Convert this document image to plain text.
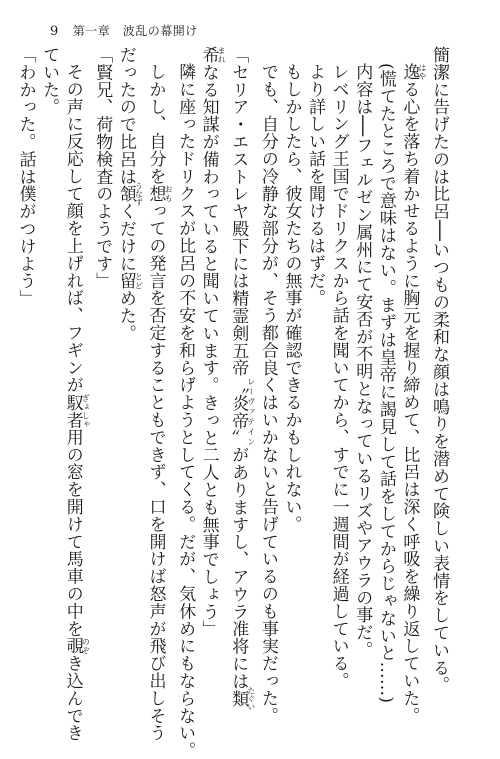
9 第一章　波乱の幕開け
簡潔に告げたのは比呂──いつもの柔和な顔は鳴りを潜めて険しい表情をしている。
逸はやる心を落ち着かせるように胸元を握り締めて、比呂は深く呼吸を繰り返していた。
(慌てたところで意味はない。まずは皇帝に謁見して話をしてからじゃないと……)
内容は──フェルゼン属州にて安否が不明となっているリズやアウラの事だ。
レベリング王国でドリクスから話を聞いてから、すでに一週間が経過している。
より詳しい話を聞けるはずだ。
もしかしたら、彼女たちの無事が確認できるかもしれない。
でも、自分の冷静な部分が、そう都合良くはいかないと告げているのも事実だった。
「セリア・エストレヤ殿下には精霊剣五帝〝炎帝〟レーヴァテインがありますし、アウラ准将には類たぐい
希まれなる知謀が備わっていると聞いています。きっと二人とも無事でしょう」
隣に座ったドリクスが比呂の不安を和らげようとしてくる。だが、気休めにもならない。
しかし、自分を想おもっての発言を否定することもできず、口を開けば怒声が飛び出しそう
だったので比呂は頷うなずくだけに留とどめた。
「賢兄、荷物検査のようです」
その声に反応して顔を上げれば、フギンが馭者ぎょしゃ用の窓を開けて馬車の中を覗のぞき込んでき
ていた。
「わかった。話は僕がつけよう」
